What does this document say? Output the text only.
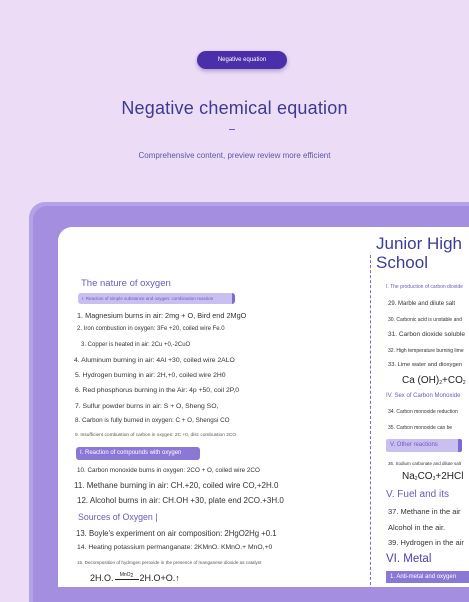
Negative equation
Negative chemical equation
Comprehensive content, preview review more efficient
The nature of oxygen
I. Reaction of simple substance and oxygen: combination reaction
1. Magnesium burns in air: 2mg + O, Bird end 2MgO
2. Iron combustion in oxygen: 3Fe +20, coiled wire Fe.0
3. Copper is heated in air: 2Cu +0,-2CuO
4. Aluminum burning in air: 4Al +30, coiled wire 2ALO
5. Hydrogen burning in air: 2H,+0, coiled wire 2H0
6. Red phosphorus burning in the Air: 4p +50, coil 2P,0
7. Sulfur powder burns in air: S + O, Sheng SO,
8. Carbon is fully burned in oxygen: C + O, Shengsi CO
9. Insufficient combustion of carbon in oxygen: 2C +0, disc combustion 2CO
I. Reaction of compounds with oxygen
10. Carbon monoxide burns in oxygen: 2CO + O, coiled wire 2CO
11. Methane burning in air: CH.+20, coiled wire CO,+2H.0
12. Alcohol burns in air: CH.OH +30, plate end 2CO.+3H.0
Sources of Oxygen |
13. Boyle's experiment on air composition: 2HgO2Hg +0.1
14. Heating potassium permanganate: 2KMnO. KMnO.+ MnO,+0
15. Decomposition of hydrogen peroxide in the presence of manganese dioxide as catalyst
2H.O. MnO2 2H.O+O.↑
Junior High
School
I. The production of carbon dioxide
29. Marble and dilute salt
30. Carbonic acid is unstable and
31. Carbon dioxide soluble
32. High temperature burning lime
33. Lime water and dioxygen
Ca $(OH)_2+CO_2$
IV. Sex of Carbon Monoxide
34. Carbon monoxide reduction
35. Carbon monoxide can be
V. Other reactions
36. Sodium carbonate and dilute salt
$Na_2CO_3+2HCl$
V. Fuel and its
37. Methane in the air
Alcohol in the air.
39. Hydrogen in the air
VI. Metal
1. Anti-metal and oxygen
